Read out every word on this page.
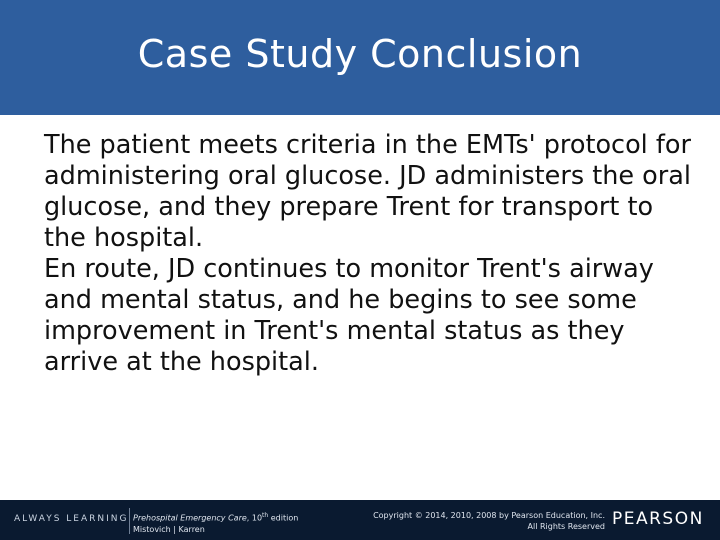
Case Study Conclusion

The patient meets criteria in the EMTs' protocol for administering oral glucose. JD administers the oral glucose, and they prepare Trent for transport to the hospital.

En route, JD continues to monitor Trent's airway and mental status, and he begins to see some improvement in Trent's mental status as they arrive at the hospital.

ALWAYS LEARNING Prehospital Emergency Care, 10th edition
Mistovich | Karren
Copyright © 2014, 2010, 2008 by Pearson Education, Inc.
All Rights Reserved PEARSON
